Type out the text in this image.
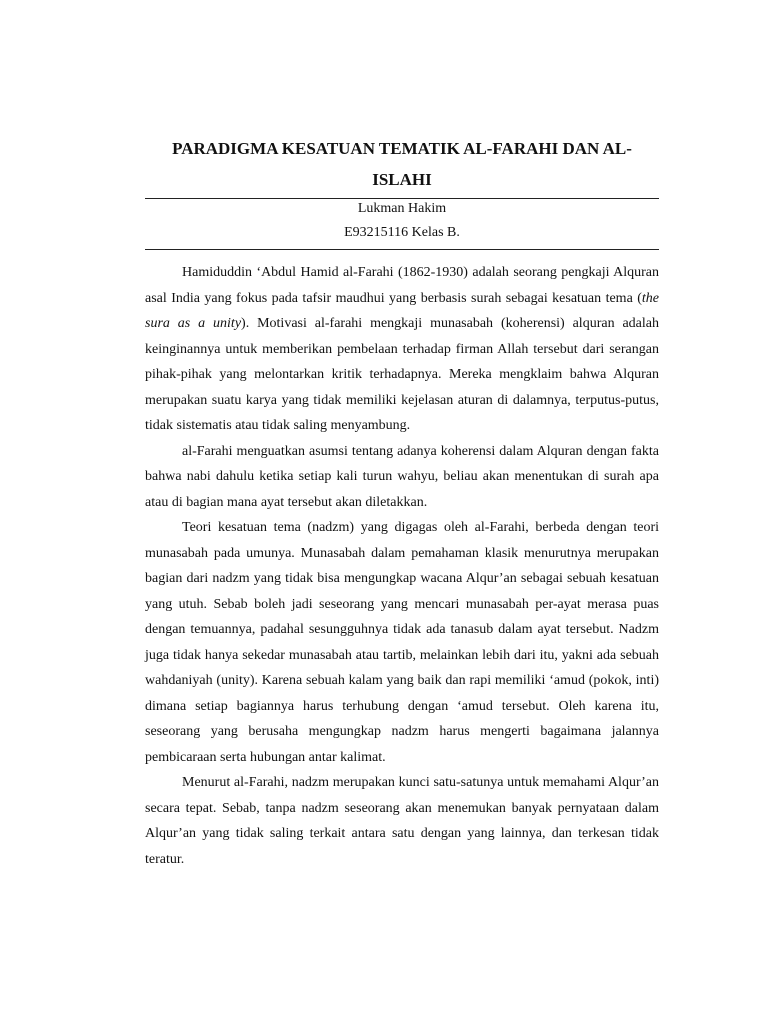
PARADIGMA KESATUAN TEMATIK AL-FARAHI DAN AL-ISLAHI
Lukman Hakim
E93215116 Kelas B.

Hamiduddin ‘Abdul Hamid al-Farahi (1862-1930) adalah seorang pengkaji Alquran asal India yang fokus pada tafsir maudhui yang berbasis surah sebagai kesatuan tema (the sura as a unity). Motivasi al-farahi mengkaji munasabah (koherensi) alquran adalah keinginannya untuk memberikan pembelaan terhadap firman Allah tersebut dari serangan pihak-pihak yang melontarkan kritik terhadapnya. Mereka mengklaim bahwa Alquran merupakan suatu karya yang tidak memiliki kejelasan aturan di dalamnya, terputus-putus, tidak sistematis atau tidak saling menyambung.

al-Farahi menguatkan asumsi tentang adanya koherensi dalam Alquran dengan fakta bahwa nabi dahulu ketika setiap kali turun wahyu, beliau akan menentukan di surah apa atau di bagian mana ayat tersebut akan diletakkan.

Teori kesatuan tema (nadzm) yang digagas oleh al-Farahi, berbeda dengan teori munasabah pada umunya. Munasabah dalam pemahaman klasik menurutnya merupakan bagian dari nadzm yang tidak bisa mengungkap wacana Alqur’an sebagai sebuah kesatuan yang utuh. Sebab boleh jadi seseorang yang mencari munasabah per-ayat merasa puas dengan temuannya, padahal sesungguhnya tidak ada tanasub dalam ayat tersebut. Nadzm juga tidak hanya sekedar munasabah atau tartib, melainkan lebih dari itu, yakni ada sebuah wahdaniyah (unity). Karena sebuah kalam yang baik dan rapi memiliki ‘amud (pokok, inti) dimana setiap bagiannya harus terhubung dengan ‘amud tersebut. Oleh karena itu, seseorang yang berusaha mengungkap nadzm harus mengerti bagaimana jalannya pembicaraan serta hubungan antar kalimat.

Menurut al-Farahi, nadzm merupakan kunci satu-satunya untuk memahami Alqur’an secara tepat. Sebab, tanpa nadzm seseorang akan menemukan banyak pernyataan dalam Alqur’an yang tidak saling terkait antara satu dengan yang lainnya, dan terkesan tidak teratur.
